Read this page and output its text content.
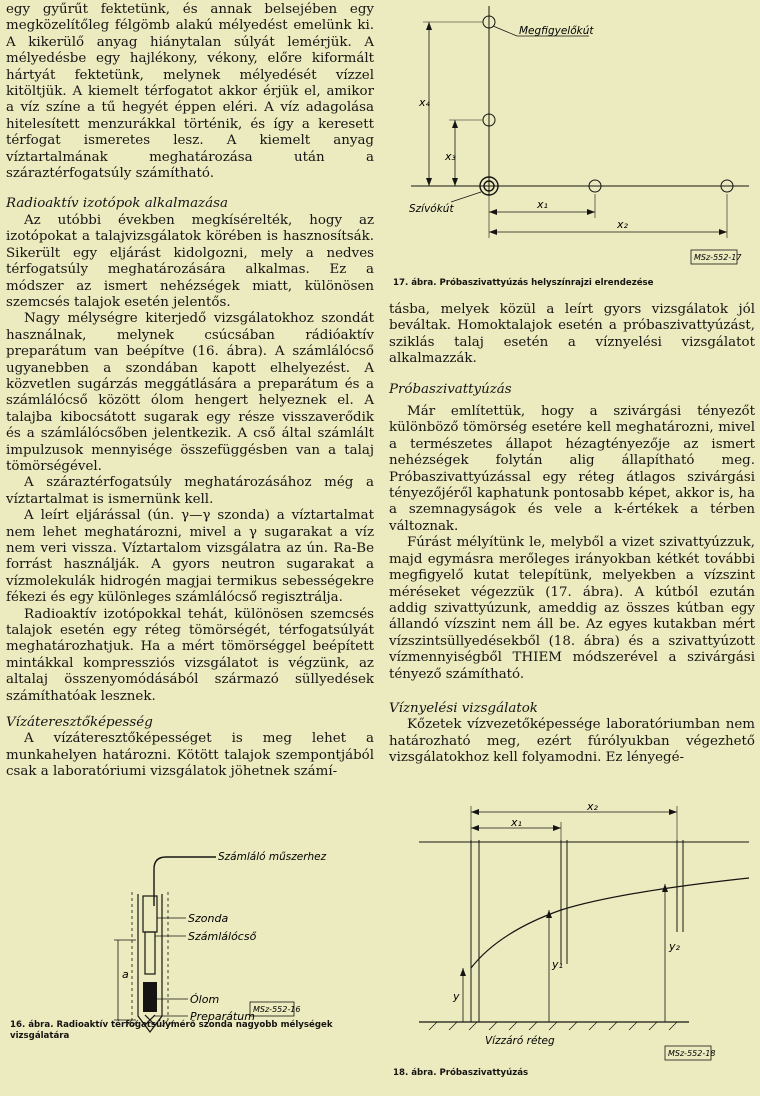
egy gyűrűt fektetünk, és annak belsejében egy megközelítőleg félgömb alakú mélyedést emelünk ki. A kikerülő anyag hiánytalan súlyát lemérjük. A mélyedésbe egy hajlékony, vékony, előre kiformált hártyát fektetünk, melynek mélyedését vízzel kitöltjük. A kiemelt térfogatot akkor érjük el, amikor a víz színe a tű hegyét éppen eléri. A víz adagolása hitelesített menzurákkal történik, és így a keresett térfogat ismeretes lesz. A kiemelt anyag víztartalmának meghatározása után a száraztérfogatsúly számítható.

Radioaktív izotópok alkalmazása

Az utóbbi években megkísérelték, hogy az izotópokat a talajvizsgálatok körében is hasznosítsák. Sikerült egy eljárást kidolgozni, mely a nedves térfogatsúly meghatározására alkalmas. Ez a módszer az ismert nehézségek miatt, különösen szemcsés talajok esetén jelentős.

Nagy mélységre kiterjedő vizsgálatokhoz szondát használnak, melynek csúcsában rádióaktív preparátum van beépítve (16. ábra). A számlálócső ugyanebben a szondában kapott elhelyezést. A közvetlen sugárzás meggátlására a preparátum és a számlálócső között ólom hengert helyeznek el. A talajba kibocsátott sugarak egy része visszaverődik és a számlálócsőben jelentkezik. A cső által számlált impulzusok mennyisége összefüggésben van a talaj tömörségével.

A száraztérfogatsúly meghatározásához még a víztartalmat is ismernünk kell.

A leírt eljárással (ún. γ—γ szonda) a víztartalmat nem lehet meghatározni, mivel a γ sugarakat a víz nem veri vissza. Víztartalom vizsgálatra az ún. Ra-Be forrást használják. A gyors neutron sugarakat a vízmolekulák hidrogén magjai termikus sebességekre fékezi és egy különleges számlálócső regisztrálja.

Radioaktív izotópokkal tehát, különösen szemcsés talajok esetén egy réteg tömörségét, térfogatsúlyát meghatározhatjuk. Ha a mért tömörséggel beépített mintákkal kompressziós vizsgálatot is végzünk, az altalaj összenyomódásából származó süllyedések számíthatóak lesznek.

Vízáteresztőképesség

A vízáteresztőképességet is meg lehet a munkahelyen határozni. Kötött talajok szempontjából csak a laboratóriumi vizsgálatok jöhetnek számí-

Számláló műszerhez
Szonda
Számlálócső
Ólom
Preparátum
a
MSz-552-16

16. ábra. Radioaktív térfogatsúlymérő szonda nagyobb mélységek vizsgálatára

Megfigyelőkút
Szívókút
x₄
x₃
x₁
x₂
MSz-552-17

17. ábra. Próbaszivattyúzás helyszínrajzi elrendezése

tásba, melyek közül a leírt gyors vizsgálatok jól beváltak. Homoktalajok esetén a próbaszivattyúzást, sziklás talaj esetén a víznyelési vizsgálatot alkalmazzák.

Próbaszivattyúzás

Már említettük, hogy a szivárgási tényezőt különböző tömörség esetére kell meghatározni, mivel a természetes állapot hézagtényezője az ismert nehézségek folytán alig állapítható meg. Próbaszivattyúzással egy réteg átlagos szivárgási tényezőjéről kaphatunk pontosabb képet, akkor is, ha a szemnagyságok és vele a k-értékek a térben változnak.

Fúrást mélyítünk le, melyből a vizet szivattyúzzuk, majd egymásra merőleges irányokban kétkét további megfigyelő kutat telepítünk, melyekben a vízszint méréseket végezzük (17. ábra). A kútból ezután addig szivattyúzunk, ameddig az összes kútban egy állandó vízszint nem áll be. Az egyes kutakban mért vízszintsüllyedésekből (18. ábra) és a szivattyúzott vízmennyiségből THIEM módszerével a szivárgási tényező számítható.

Víznyelési vizsgálatok

Kőzetek vízvezetőképessége laboratóriumban nem határozható meg, ezért fúrólyukban végezhető vizsgálatokhoz kell folyamodni. Ez lényegé-

x₂
x₁
y
y₁
y₂
Vízzáró réteg
MSz-552-18

18. ábra. Próbaszivattyúzás
